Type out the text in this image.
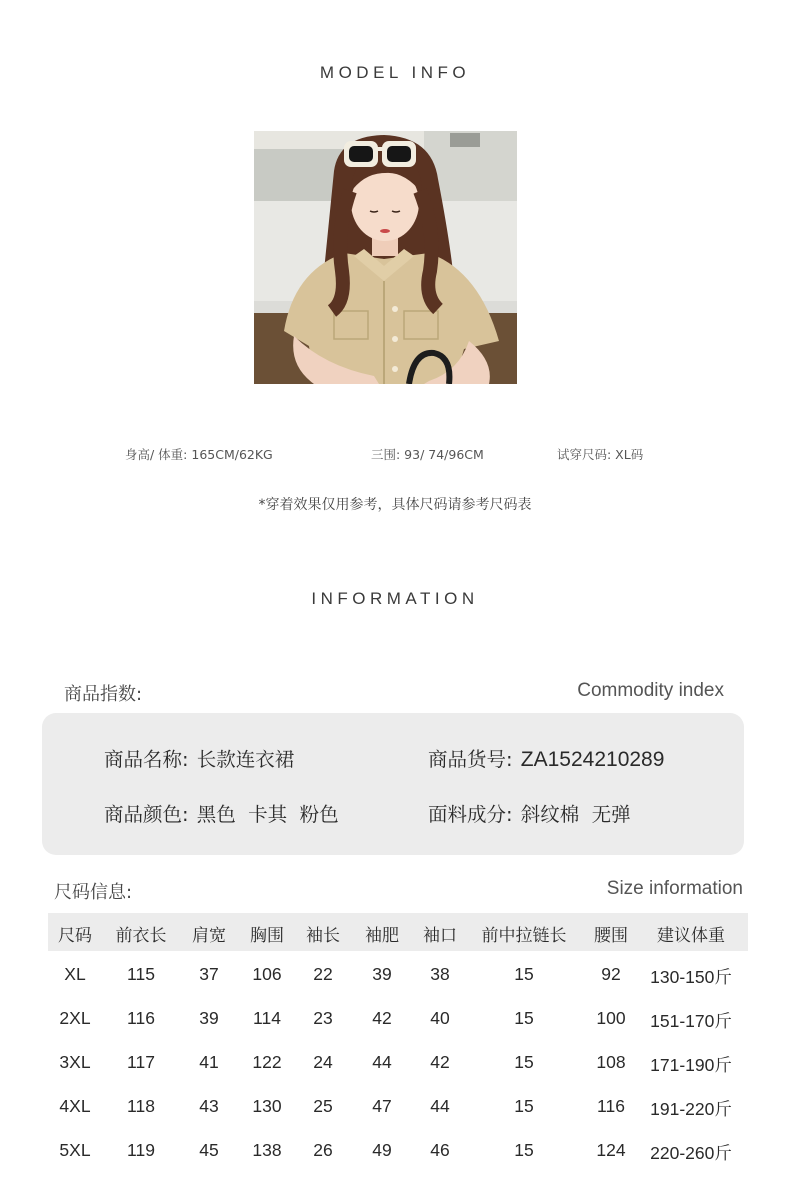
MODEL INFO
身高/ 体重: 165CM/62KG	三围: 93/ 74/96CM	试穿尺码: XL码
*穿着效果仅用参考，具体尺码请参考尺码表
INFORMATION
商品指数:	Commodity index
商品名称: 长款连衣裙	商品货号: ZA1524210289
商品颜色: 黑色  卡其  粉色	面料成分: 斜纹棉  无弹
尺码信息:	Size information
尺码 前衣长 肩宽 胸围 袖长 袖肥 袖口 前中拉链长 腰围 建议体重
XL 115	37 106 22 39 38	15	92 130-150斤
2XL 116	39 114 23 42 40	15	100 151-170斤
3XL 117	41 122 24 44 42	15	108 171-190斤
4XL 118	43 130 25 47 44	15	116 191-220斤
5XL 119	45 138 26 49 46	15	124 220-260斤
